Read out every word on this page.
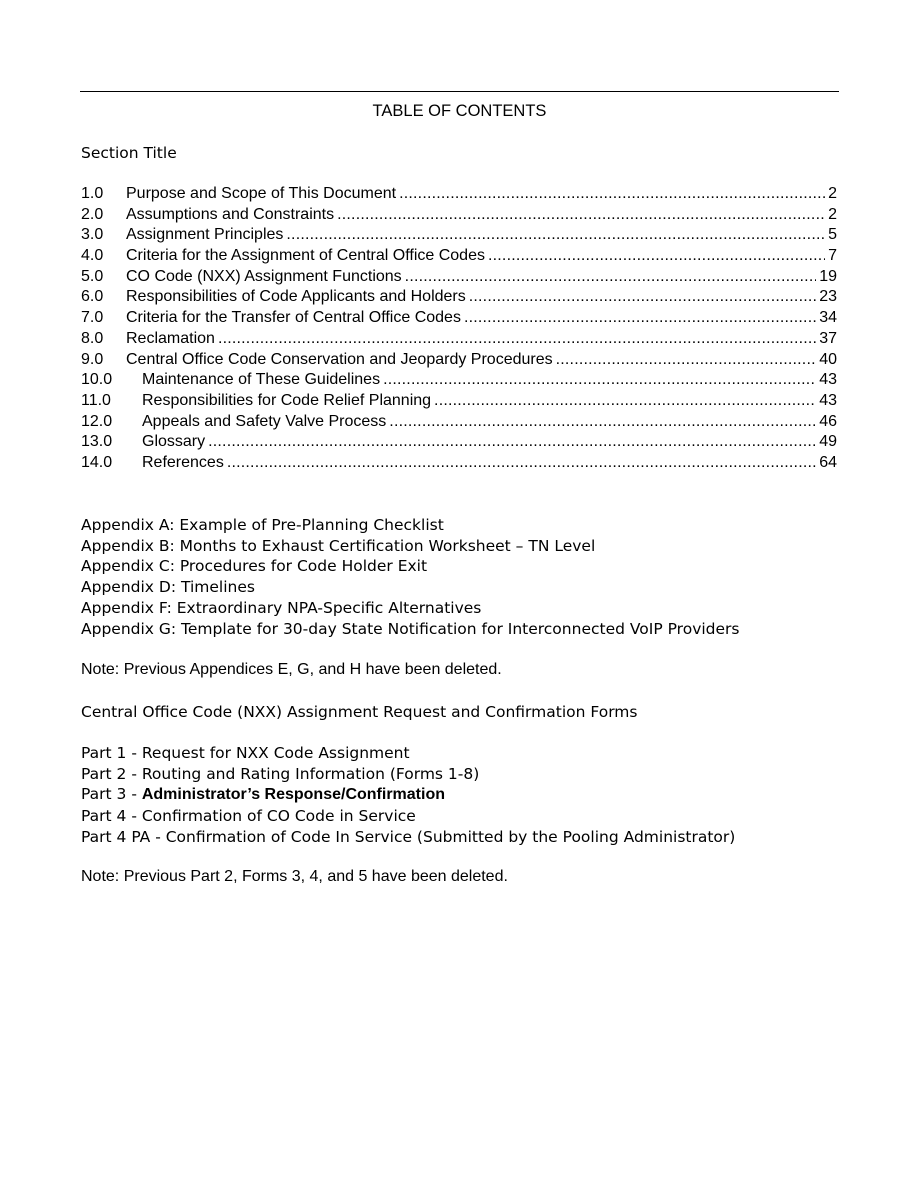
TABLE OF CONTENTS
Section Title
1.0	Purpose and Scope of This Document .....	2
2.0	Assumptions and Constraints .....	2
3.0	Assignment Principles .....	5
4.0	Criteria for the Assignment of Central Office Codes .....	7
5.0	CO Code (NXX) Assignment Functions .....	19
6.0	Responsibilities of Code Applicants and Holders .....	23
7.0	Criteria for the Transfer of Central Office Codes .....	34
8.0	Reclamation .....	37
9.0	Central Office Code Conservation and Jeopardy Procedures .....	40
10.0	Maintenance of These Guidelines .....	43
11.0	Responsibilities for Code Relief Planning .....	43
12.0	Appeals and Safety Valve Process .....	46
13.0	Glossary .....	49
14.0	References .....	64
Appendix A: Example of Pre-Planning Checklist
Appendix B: Months to Exhaust Certification Worksheet – TN Level
Appendix C: Procedures for Code Holder Exit
Appendix D: Timelines
Appendix F: Extraordinary NPA-Specific Alternatives
Appendix G: Template for 30-day State Notification for Interconnected VoIP Providers
Note: Previous Appendices E, G, and H have been deleted.
Central Office Code (NXX) Assignment Request and Confirmation Forms
Part 1 - Request for NXX Code Assignment
Part 2 - Routing and Rating Information (Forms 1-8)
Part 3 - Administrator’s Response/Confirmation
Part 4 - Confirmation of CO Code in Service
Part 4 PA - Confirmation of Code In Service (Submitted by the Pooling Administrator)
Note: Previous Part 2, Forms 3, 4, and 5 have been deleted.
